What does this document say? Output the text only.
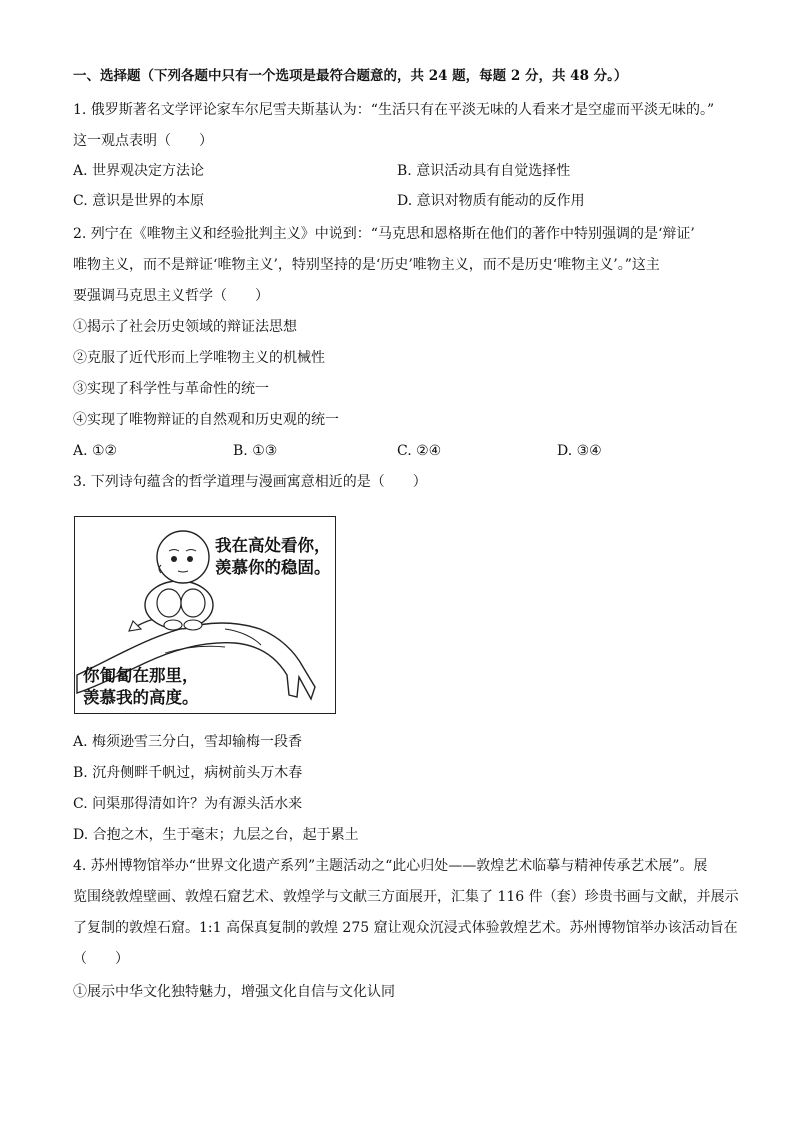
一、选择题（下列各题中只有一个选项是最符合题意的，共 24 题，每题 2 分，共 48 分。）
1. 俄罗斯著名文学评论家车尔尼雪夫斯基认为：“生活只有在平淡无味的人看来才是空虚而平淡无味的。”
这一观点表明（　　）
A. 世界观决定方法论	B. 意识活动具有自觉选择性
C. 意识是世界的本原	D. 意识对物质有能动的反作用
2. 列宁在《唯物主义和经验批判主义》中说到：“马克思和恩格斯在他们的著作中特别强调的是‘辩证’
唯物主义，而不是辩证‘唯物主义’，特别坚持的是‘历史’唯物主义，而不是历史‘唯物主义’。”这主
要强调马克思主义哲学（　　）
①揭示了社会历史领域的辩证法思想
②克服了近代形而上学唯物主义的机械性
③实现了科学性与革命性的统一
④实现了唯物辩证的自然观和历史观的统一
A. ①②	B. ①③	C. ②④	D. ③④
3. 下列诗句蕴含的哲学道理与漫画寓意相近的是（　　）
我在高处看你，
羡慕你的稳固。
你匍匐在那里，
羡慕我的高度。
A. 梅须逊雪三分白，雪却输梅一段香
B. 沉舟侧畔千帆过，病树前头万木春
C. 问渠那得清如许？为有源头活水来
D. 合抱之木，生于毫末；九层之台，起于累土
4. 苏州博物馆举办“世界文化遗产系列”主题活动之“此心归处——敦煌艺术临摹与精神传承艺术展”。展
览围绕敦煌壁画、敦煌石窟艺术、敦煌学与文献三方面展开，汇集了 116 件（套）珍贵书画与文献，并展示
了复制的敦煌石窟。1:1 高保真复制的敦煌 275 窟让观众沉浸式体验敦煌艺术。苏州博物馆举办该活动旨在
（　　）
①展示中华文化独特魅力，增强文化自信与文化认同
